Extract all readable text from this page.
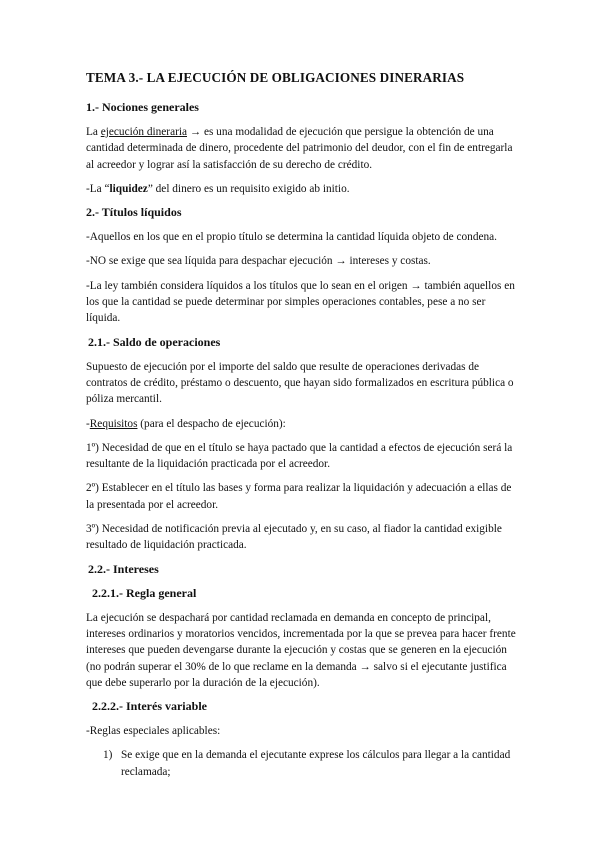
TEMA 3.- LA EJECUCIÓN DE OBLIGACIONES DINERARIAS
1.- Nociones generales

La ejecución dineraria → es una modalidad de ejecución que persigue la obtención de una cantidad determinada de dinero, procedente del patrimonio del deudor, con el fin de entregarla al acreedor y lograr así la satisfacción de su derecho de crédito.

-La “liquidez” del dinero es un requisito exigido ab initio.

2.- Títulos líquidos

-Aquellos en los que en el propio título se determina la cantidad líquida objeto de condena.

-NO se exige que sea líquida para despachar ejecución → intereses y costas.

-La ley también considera líquidos a los títulos que lo sean en el origen → también aquellos en los que la cantidad se puede determinar por simples operaciones contables, pese a no ser líquida.

2.1.- Saldo de operaciones

Supuesto de ejecución por el importe del saldo que resulte de operaciones derivadas de contratos de crédito, préstamo o descuento, que hayan sido formalizados en escritura pública o póliza mercantil.

-Requisitos (para el despacho de ejecución):

1º) Necesidad de que en el título se haya pactado que la cantidad a efectos de ejecución será la resultante de la liquidación practicada por el acreedor.

2º) Establecer en el título las bases y forma para realizar la liquidación y adecuación a ellas de la presentada por el acreedor.

3º) Necesidad de notificación previa al ejecutado y, en su caso, al fiador la cantidad exigible resultado de liquidación practicada.

2.2.- Intereses
2.2.1.- Regla general

La ejecución se despachará por cantidad reclamada en demanda en concepto de principal, intereses ordinarios y moratorios vencidos, incrementada por la que se prevea para hacer frente intereses que pueden devengarse durante la ejecución y costas que se generen en la ejecución (no podrán superar el 30% de lo que reclame en la demanda → salvo si el ejecutante justifica que debe superarlo por la duración de la ejecución).

2.2.2.- Interés variable

-Reglas especiales aplicables:

1) Se exige que en la demanda el ejecutante exprese los cálculos para llegar a la cantidad reclamada;
